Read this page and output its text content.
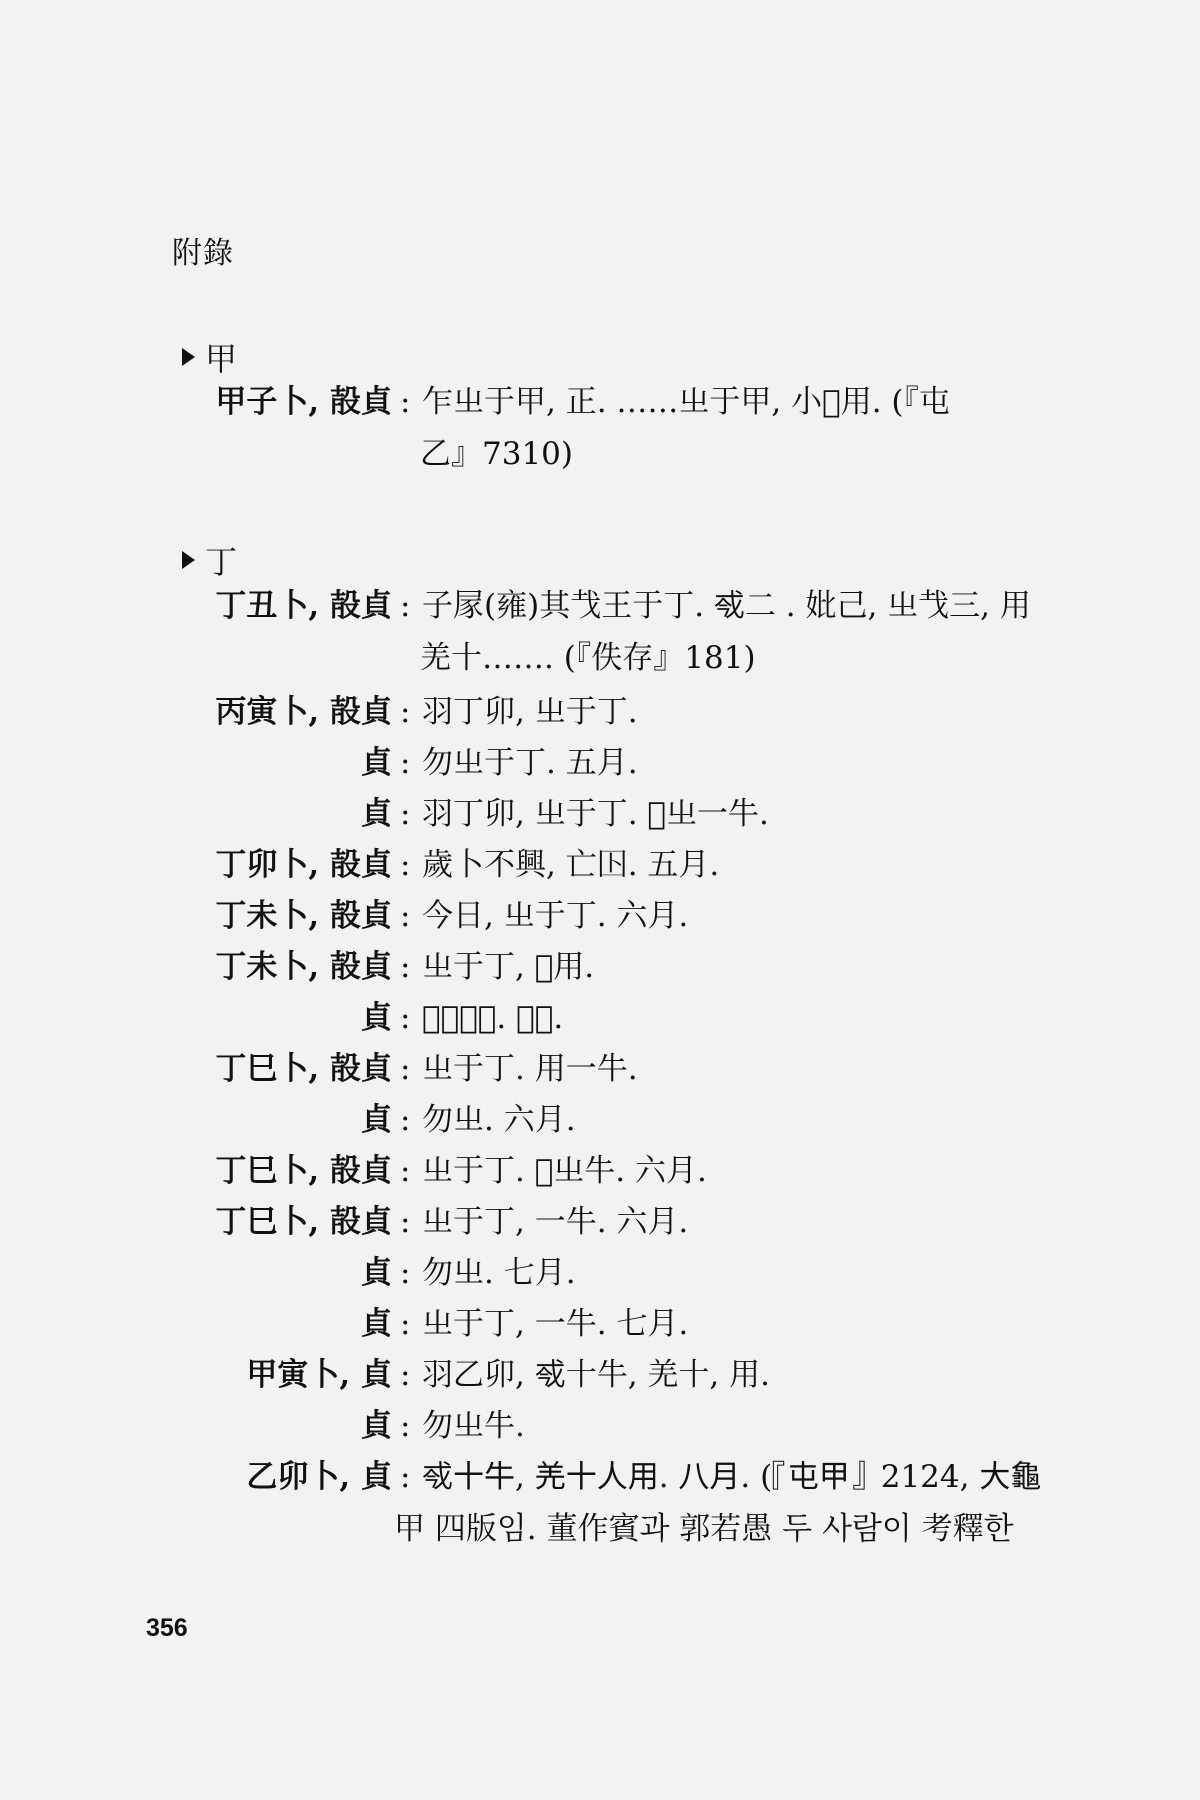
附錄
甲
甲子卜, 㱿貞 : 乍㞢于甲, 正. ……㞢于甲, 小𤉲用. (『屯
乙』7310)
丁
丁丑卜, 㱿貞 : 子𡱰(雍)其𢦏王于丁. 𢦟二 . 妣己, 㞢𢦏三, 用
羌十……. (『佚存』181)
丙寅卜, 㱿貞 : 羽丁卯, 㞢于丁.
貞 : 勿㞢于丁. 五月.
貞 : 羽丁卯, 㞢于丁. 𤉲㞢一牛.
丁卯卜, 㱿貞 : 歲卜不興, 亡𡆥. 五月.
丁未卜, 㱿貞 : 今日, 㞢于丁. 六月.
丁未卜, 㱿貞 : 㞢于丁, 𤉲用.
貞 : 𤉲㞢一牛. 六月.
丁巳卜, 㱿貞 : 㞢于丁. 用一牛.
貞 : 勿㞢. 六月.
丁巳卜, 㱿貞 : 㞢于丁. 𤉲㞢牛. 六月.
丁巳卜, 㱿貞 : 㞢于丁, 一牛. 六月.
貞 : 勿㞢. 七月.
貞 : 㞢于丁, 一牛. 七月.
甲寅卜, 貞 : 羽乙卯, 𢦟十牛, 羌十, 用.
貞 : 勿㞢牛.
乙卯卜, 貞 : 𢦟十牛, 羌十人用. 八月. (『屯甲』2124, 大龜
甲 四版임. 董作賓과 郭若愚 두 사람이 考釋한
356
